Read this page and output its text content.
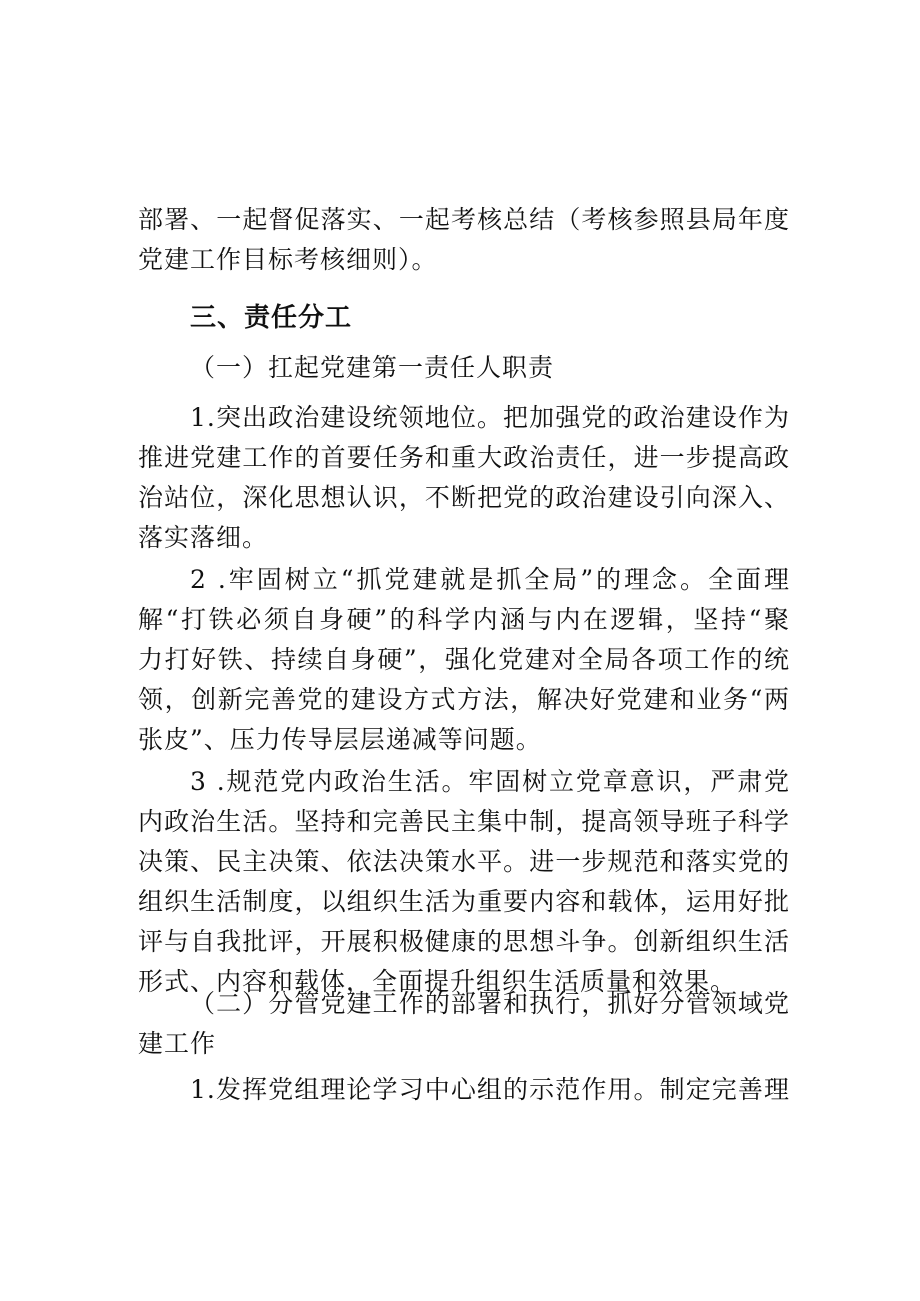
部署、一起督促落实、一起考核总结（考核参照县局年度
党建工作目标考核细则）。

三、责任分工

（一）扛起党建第一责任人职责

1.突出政治建设统领地位。把加强党的政治建设作为
推进党建工作的首要任务和重大政治责任，进一步提高政
治站位，深化思想认识，不断把党的政治建设引向深入、
落实落细。

2 .牢固树立“抓党建就是抓全局”的理念。全面理
解“打铁必须自身硬”的科学内涵与内在逻辑，坚持“聚
力打好铁、持续自身硬”，强化党建对全局各项工作的统
领，创新完善党的建设方式方法，解决好党建和业务“两
张皮”、压力传导层层递减等问题。

3 .规范党内政治生活。牢固树立党章意识，严肃党
内政治生活。坚持和完善民主集中制，提高领导班子科学
决策、民主决策、依法决策水平。进一步规范和落实党的
组织生活制度，以组织生活为重要内容和载体，运用好批
评与自我批评，开展积极健康的思想斗争。创新组织生活
形式、内容和载体，全面提升组织生活质量和效果。

（二）分管党建工作的部署和执行，抓好分管领域党
建工作

1.发挥党组理论学习中心组的示范作用。制定完善理
